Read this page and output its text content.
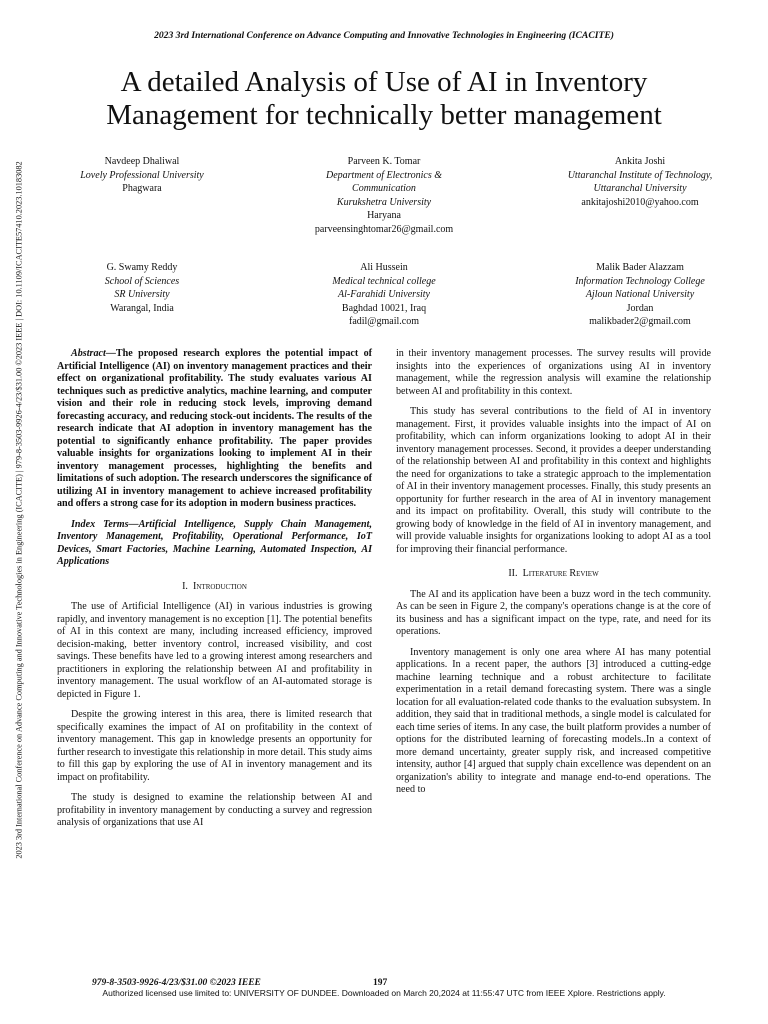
2023 3rd International Conference on Advance Computing and Innovative Technologies in Engineering (ICACITE)
A detailed Analysis of Use of AI in Inventory Management for technically better management
2023 3rd International Conference on Advance Computing and Innovative Technologies in Engineering (ICACITE) | 979-8-3503-9926-4/23/$31.00 ©2023 IEEE | DOI: 10.1109/ICACITE57410.2023.10183082	Navdeep Dhaliwal
Lovely Professional University
Phagwara
Parveen K. Tomar
Department of Electronics &
Communication
Kurukshetra University
Haryana
parveensinghtomar26@gmail.com
Ankita Joshi
Uttaranchal Institute of Technology,
Uttaranchal University
ankitajoshi2010@yahoo.com
G. Swamy Reddy
School of Sciences
SR University
Warangal, India
Ali Hussein
Medical technical college
Al-Farahidi University
Baghdad 10021, Iraq
fadil@gmail.com
Malik Bader Alazzam
Information Technology College
Ajloun National University
Jordan
malikbader2@gmail.com

Abstract—The proposed research explores the potential impact of Artificial Intelligence (AI) on inventory management practices and their effect on organizational profitability. The study evaluates various AI techniques such as predictive analytics, machine learning, and computer vision and their role in reducing stock levels, improving demand forecasting accuracy, and reducing stock-out incidents. The results of the research indicate that AI adoption in inventory management has the potential to significantly enhance profitability. The paper provides valuable insights for organizations looking to implement AI in their inventory management processes, highlighting the benefits and limitations of such adoption. The research underscores the significance of utilizing AI in inventory management to achieve increased profitability and offers a strong case for its adoption in modern business practices.

Index Terms—Artificial Intelligence, Supply Chain Management, Inventory Management, Profitability, Operational Performance, IoT Devices, Smart Factories, Machine Learning, Automated Inspection, AI Applications

I. Introduction

The use of Artificial Intelligence (AI) in various industries is growing rapidly, and inventory management is no exception [1]. The potential benefits of AI in this context are many, including increased efficiency, improved decision-making, better inventory control, increased visibility, and cost savings. These benefits have led to a growing interest among researchers and practitioners in exploring the relationship between AI and profitability in inventory management. The usual workflow of an AI-automated storage is depicted in Figure 1.

Despite the growing interest in this area, there is limited research that specifically examines the impact of AI on profitability in the context of inventory management. This gap in knowledge presents an opportunity for further research to investigate this relationship in more detail. This study aims to fill this gap by exploring the use of AI in inventory management and its impact on profitability.

The study is designed to examine the relationship between AI and profitability in inventory management by conducting a survey and regression analysis of organizations that use AI

in their inventory management processes. The survey results will provide insights into the experiences of organizations using AI in inventory management, while the regression analysis will examine the relationship between AI and profitability in this context.

This study has several contributions to the field of AI in inventory management. First, it provides valuable insights into the impact of AI on profitability, which can inform organizations looking to adopt AI in their inventory management processes. Second, it provides a deeper understanding of the relationship between AI and profitability in this context and highlights the need for organizations to take a strategic approach to the implementation of AI in their inventory management processes. Finally, this study presents an opportunity for further research in the area of AI in inventory management and its impact on profitability. Overall, this study will contribute to the growing body of knowledge in the field of AI in inventory management, and will provide valuable insights for organizations looking to adopt AI as a tool for improving their financial performance.

II. Literature Review

The AI and its application have been a buzz word in the tech community. As can be seen in Figure 2, the company's operations change is at the core of its business and has a significant impact on the type, rate, and need for its operations.

Inventory management is only one area where AI has many potential applications. In a recent paper, the authors [3] introduced a cutting-edge machine learning technique and a robust architecture to facilitate experimentation in a retail demand forecasting system. There was a single location for all evaluation-related code thanks to the evaluation subsystem. In addition, they said that in traditional methods, a single model is calculated for each time series of items. In any case, the built platform provides a number of options for the distributed learning of forecasting models..In a context of more demand uncertainty, greater supply risk, and increased competitive intensity, author [4] argued that supply chain excellence was dependent on an organization's ability to integrate and manage end-to-end operations. The need to

979-8-3503-9926-4/23/$31.00 ©2023 IEEE	197
Authorized licensed use limited to: UNIVERSITY OF DUNDEE. Downloaded on March 20,2024 at 11:55:47 UTC from IEEE Xplore. Restrictions apply.
